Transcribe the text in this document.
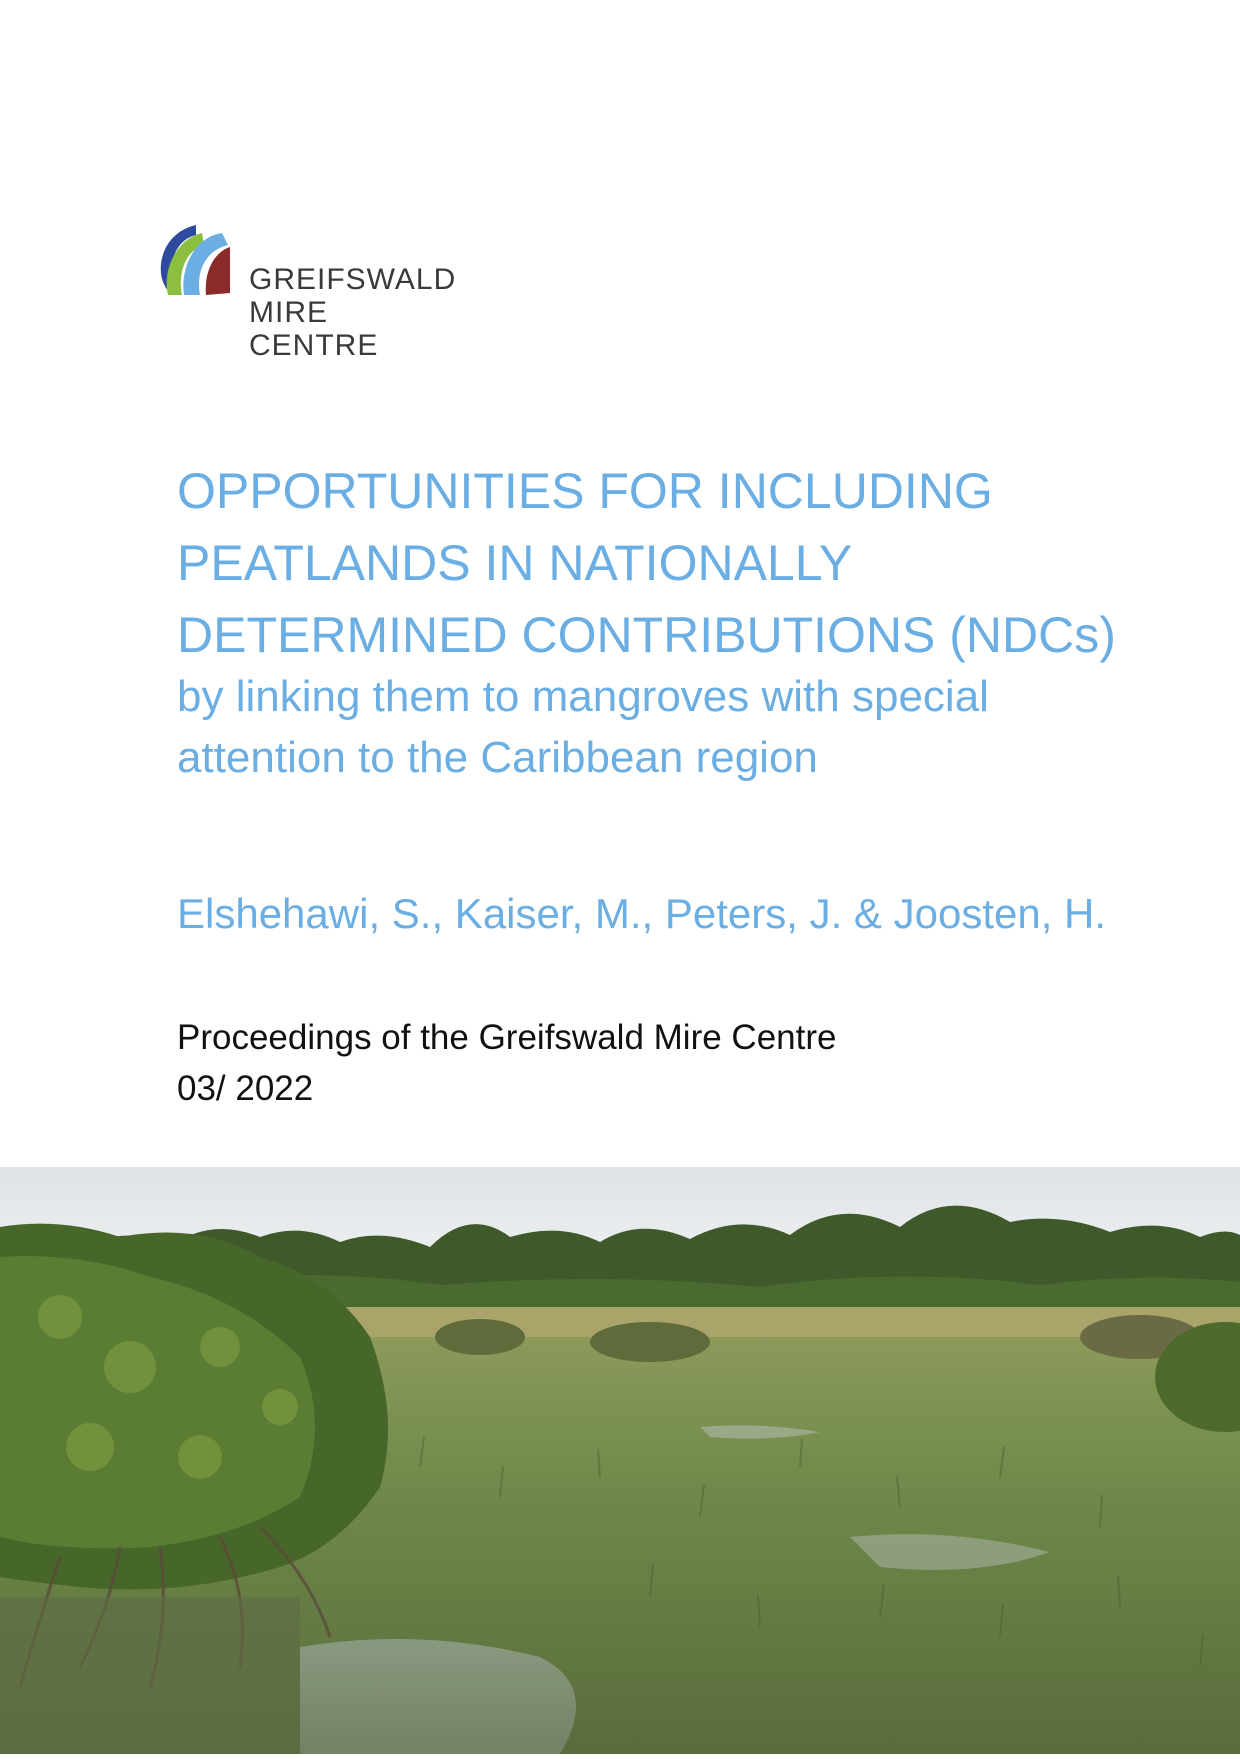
GREIFSWALD
MIRE
CENTRE
OPPORTUNITIES FOR INCLUDING
PEATLANDS IN NATIONALLY
DETERMINED CONTRIBUTIONS (NDCs)
by linking them to mangroves with special
attention to the Caribbean region
Elshehawi, S., Kaiser, M., Peters, J. & Joosten, H.
Proceedings of the Greifswald Mire Centre
03/ 2022
